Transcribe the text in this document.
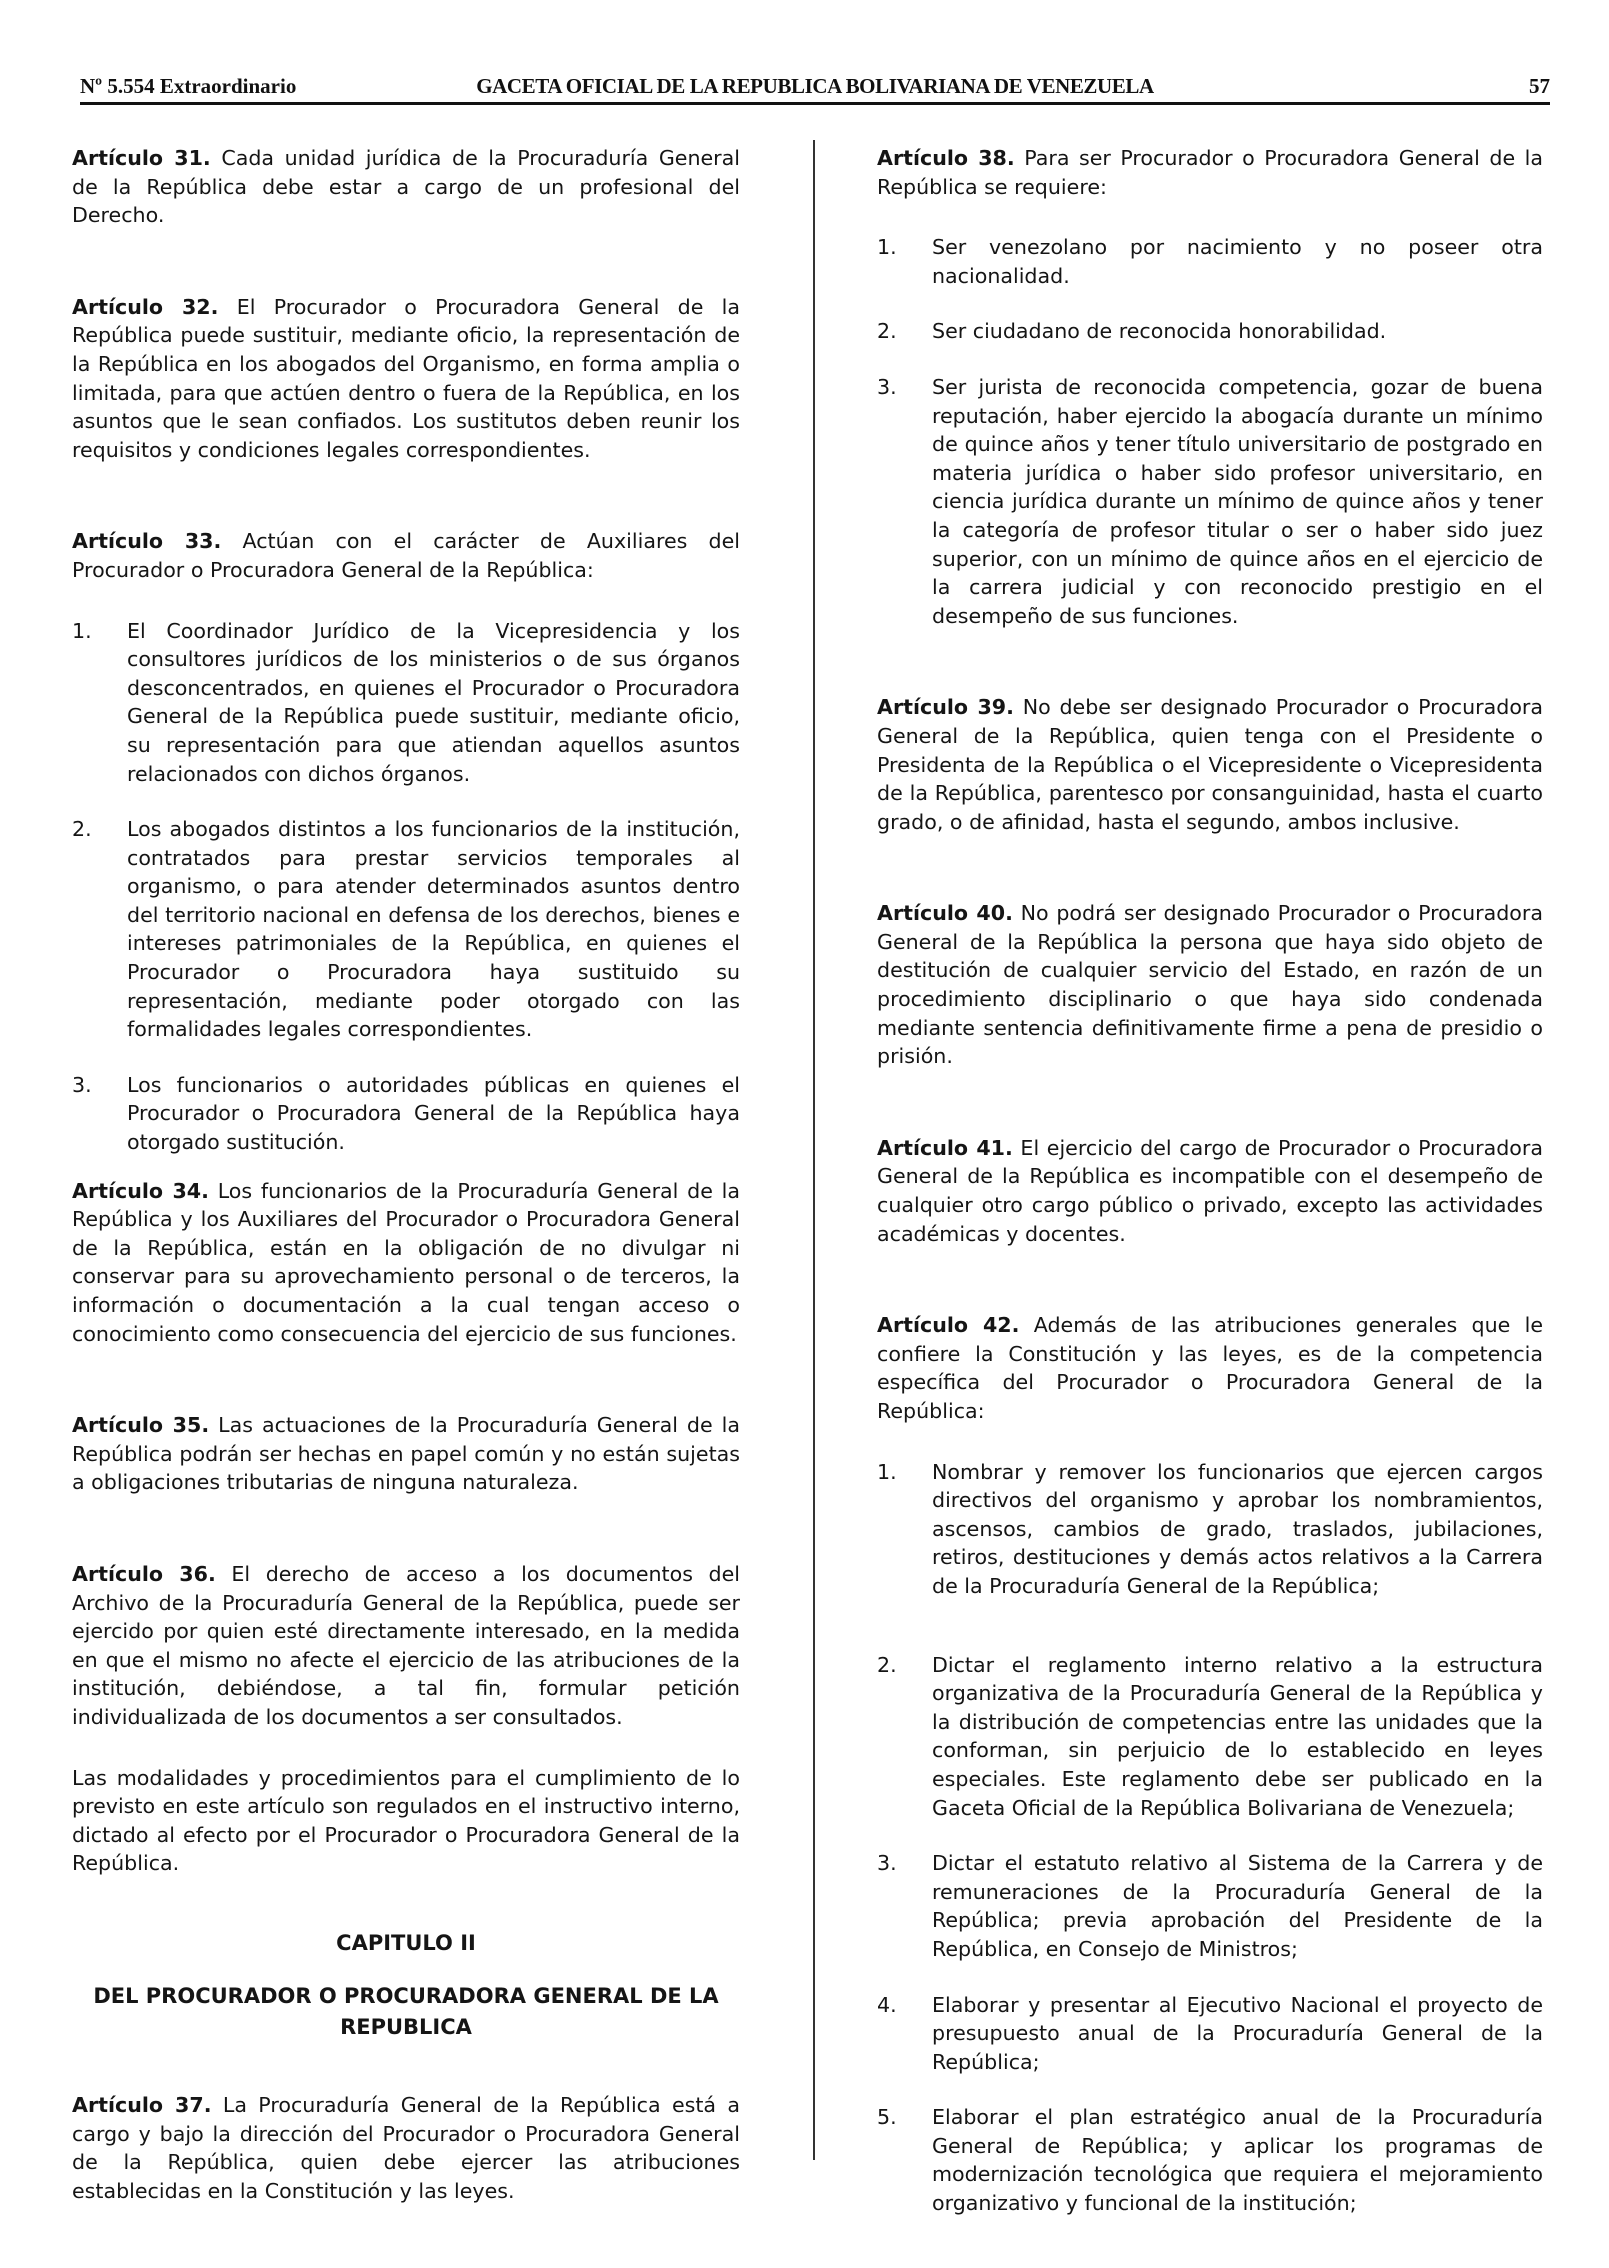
Nº 5.554 Extraordinario	GACETA OFICIAL DE LA REPUBLICA BOLIVARIANA DE VENEZUELA	57

Artículo 31. Cada unidad jurídica de la Procuraduría General de la República debe estar a cargo de un profesional del Derecho.

Artículo 32. El Procurador o Procuradora General de la República puede sustituir, mediante oficio, la representación de la República en los abogados del Organismo, en forma amplia o limitada, para que actúen dentro o fuera de la República, en los asuntos que le sean confiados. Los sustitutos deben reunir los requisitos y condiciones legales correspondientes.

Artículo 33. Actúan con el carácter de Auxiliares del Procurador o Procuradora General de la República:

1. El Coordinador Jurídico de la Vicepresidencia y los consultores jurídicos de los ministerios o de sus órganos desconcentrados, en quienes el Procurador o Procuradora General de la República puede sustituir, mediante oficio, su representación para que atiendan aquellos asuntos relacionados con dichos órganos.
2. Los abogados distintos a los funcionarios de la institución, contratados para prestar servicios temporales al organismo, o para atender determinados asuntos dentro del territorio nacional en defensa de los derechos, bienes e intereses patrimoniales de la República, en quienes el Procurador o Procuradora haya sustituido su representación, mediante poder otorgado con las formalidades legales correspondientes.
3. Los funcionarios o autoridades públicas en quienes el Procurador o Procuradora General de la República haya otorgado sustitución.

Artículo 34. Los funcionarios de la Procuraduría General de la República y los Auxiliares del Procurador o Procuradora General de la República, están en la obligación de no divulgar ni conservar para su aprovechamiento personal o de terceros, la información o documentación a la cual tengan acceso o conocimiento como consecuencia del ejercicio de sus funciones.

Artículo 35. Las actuaciones de la Procuraduría General de la República podrán ser hechas en papel común y no están sujetas a obligaciones tributarias de ninguna naturaleza.

Artículo 36. El derecho de acceso a los documentos del Archivo de la Procuraduría General de la República, puede ser ejercido por quien esté directamente interesado, en la medida en que el mismo no afecte el ejercicio de las atribuciones de la institución, debiéndose, a tal fin, formular petición individualizada de los documentos a ser consultados.

Las modalidades y procedimientos para el cumplimiento de lo previsto en este artículo son regulados en el instructivo interno, dictado al efecto por el Procurador o Procuradora General de la República.

CAPITULO II
DEL PROCURADOR O PROCURADORA GENERAL DE LA REPUBLICA

Artículo 37. La Procuraduría General de la República está a cargo y bajo la dirección del Procurador o Procuradora General de la República, quien debe ejercer las atribuciones establecidas en la Constitución y las leyes.

Artículo 38. Para ser Procurador o Procuradora General de la República se requiere:

1. Ser venezolano por nacimiento y no poseer otra nacionalidad.
2. Ser ciudadano de reconocida honorabilidad.
3. Ser jurista de reconocida competencia, gozar de buena reputación, haber ejercido la abogacía durante un mínimo de quince años y tener título universitario de postgrado en materia jurídica o haber sido profesor universitario, en ciencia jurídica durante un mínimo de quince años y tener la categoría de profesor titular o ser o haber sido juez superior, con un mínimo de quince años en el ejercicio de la carrera judicial y con reconocido prestigio en el desempeño de sus funciones.

Artículo 39. No debe ser designado Procurador o Procuradora General de la República, quien tenga con el Presidente o Presidenta de la República o el Vicepresidente o Vicepresidenta de la República, parentesco por consanguinidad, hasta el cuarto grado, o de afinidad, hasta el segundo, ambos inclusive.

Artículo 40. No podrá ser designado Procurador o Procuradora General de la República la persona que haya sido objeto de destitución de cualquier servicio del Estado, en razón de un procedimiento disciplinario o que haya sido condenada mediante sentencia definitivamente firme a pena de presidio o prisión.

Artículo 41. El ejercicio del cargo de Procurador o Procuradora General de la República es incompatible con el desempeño de cualquier otro cargo público o privado, excepto las actividades académicas y docentes.

Artículo 42. Además de las atribuciones generales que le confiere la Constitución y las leyes, es de la competencia específica del Procurador o Procuradora General de la República:

1. Nombrar y remover los funcionarios que ejercen cargos directivos del organismo y aprobar los nombramientos, ascensos, cambios de grado, traslados, jubilaciones, retiros, destituciones y demás actos relativos a la Carrera de la Procuraduría General de la República;
2. Dictar el reglamento interno relativo a la estructura organizativa de la Procuraduría General de la República y la distribución de competencias entre las unidades que la conforman, sin perjuicio de lo establecido en leyes especiales. Este reglamento debe ser publicado en la Gaceta Oficial de la República Bolivariana de Venezuela;
3. Dictar el estatuto relativo al Sistema de la Carrera y de remuneraciones de la Procuraduría General de la República; previa aprobación del Presidente de la República, en Consejo de Ministros;
4. Elaborar y presentar al Ejecutivo Nacional el proyecto de presupuesto anual de la Procuraduría General de la República;
5. Elaborar el plan estratégico anual de la Procuraduría General de República; y aplicar los programas de modernización tecnológica que requiera el mejoramiento organizativo y funcional de la institución;
